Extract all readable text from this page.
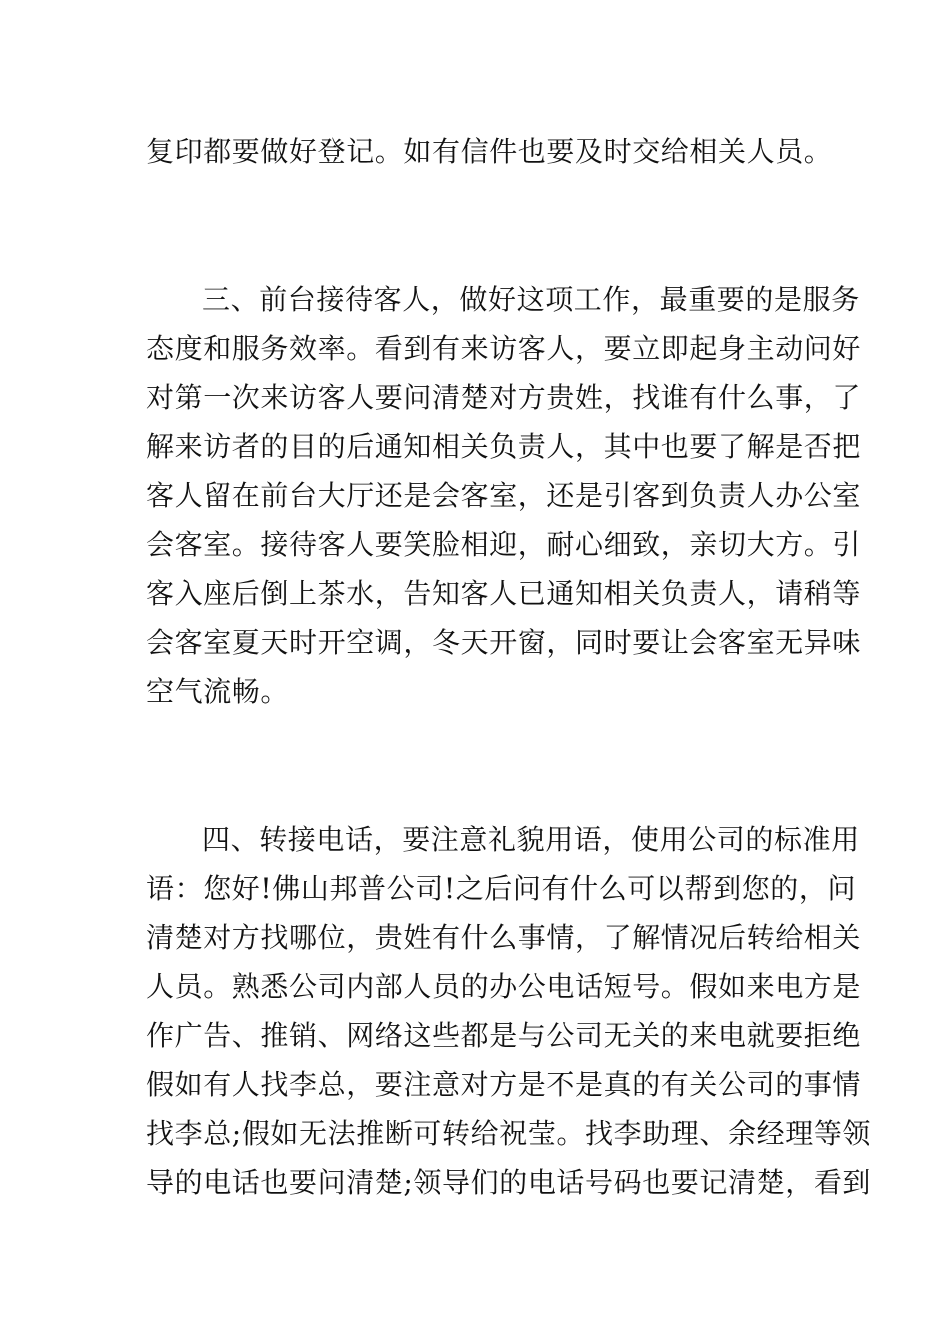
复印都要做好登记。如有信件也要及时交给相关人员。
三、前台接待客人，做好这项工作，最重要的是服务
态度和服务效率。看到有来访客人，要立即起身主动问好
对第一次来访客人要问清楚对方贵姓，找谁有什么事，了
解来访者的目的后通知相关负责人，其中也要了解是否把
客人留在前台大厅还是会客室，还是引客到负责人办公室
会客室。接待客人要笑脸相迎，耐心细致，亲切大方。引
客入座后倒上茶水，告知客人已通知相关负责人，请稍等
会客室夏天时开空调，冬天开窗，同时要让会客室无异味
空气流畅。
四、转接电话，要注意礼貌用语，使用公司的标准用
语：您好!佛山邦普公司!之后问有什么可以帮到您的，问
清楚对方找哪位，贵姓有什么事情，了解情况后转给相关
人员。熟悉公司内部人员的办公电话短号。假如来电方是
作广告、推销、网络这些都是与公司无关的来电就要拒绝
假如有人找李总，要注意对方是不是真的有关公司的事情
找李总;假如无法推断可转给祝莹。找李助理、余经理等领
导的电话也要问清楚;领导们的电话号码也要记清楚，看到
